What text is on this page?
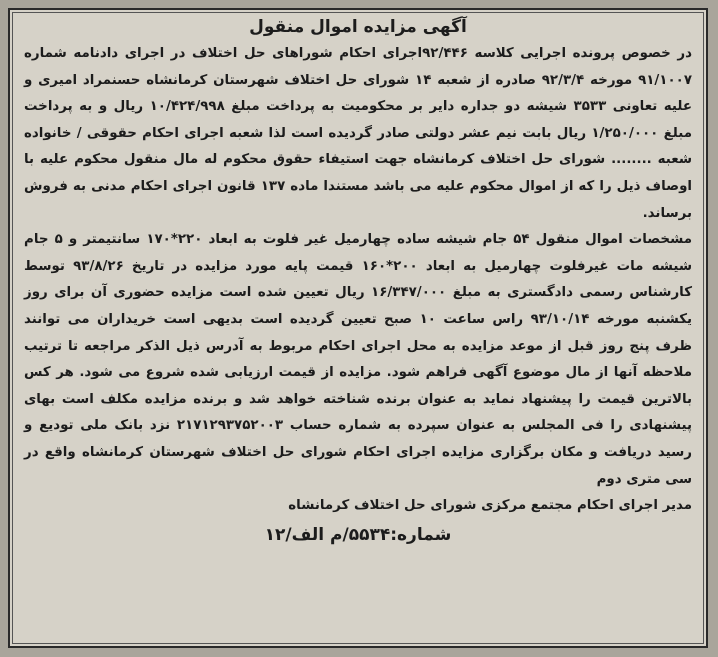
آگهی مزایده اموال منقول

در خصوص پرونده اجرایی کلاسه ۹۲/۴۴۶اجرای احکام شوراهای حل اختلاف در اجرای دادنامه شماره ۹۱/۱۰۰۷ مورخه ۹۲/۳/۴ صادره از شعبه ۱۴ شورای حل اختلاف شهرستان کرمانشاه حسنمراد امیری و علیه تعاونی ۳۵۳۳ شیشه دو جداره دایر بر محکومیت به پرداخت مبلغ ۱۰/۴۲۴/۹۹۸ ریال و به پرداخت مبلغ ۱/۲۵۰/۰۰۰ ریال بابت نیم عشر دولتی صادر گردیده است لذا شعبه اجرای احکام حقوقی / خانواده شعبه ........ شورای حل اختلاف کرمانشاه جهت استیفاء حقوق محکوم له مال منقول محکوم علیه با اوصاف ذیل را که از اموال محکوم علیه می باشد مستندا ماده ۱۳۷ قانون اجرای احکام مدنی به فروش برساند.

مشخصات اموال منقول ۵۴ جام شیشه ساده چهارمیل غیر فلوت به ابعاد ۲۲۰*۱۷۰ سانتیمتر و ۵ جام شیشه مات غیرفلوت چهارمیل به ابعاد ۲۰۰*۱۶۰ قیمت پایه مورد مزایده در تاریخ ۹۳/۸/۲۶ توسط کارشناس رسمی دادگستری به مبلغ ۱۶/۳۴۷/۰۰۰ ریال تعیین شده است مزایده حضوری آن برای روز یکشنبه مورخه ۹۳/۱۰/۱۴ راس ساعت ۱۰ صبح تعیین گردیده است بدیهی است خریداران می توانند ظرف پنج روز قبل از موعد مزایده به محل اجرای احکام مربوط به آدرس ذیل الذکر مراجعه تا ترتیب ملاحظه آنها از مال موضوع آگهی فراهم شود. مزایده از قیمت ارزیابی شده شروع می شود. هر کس بالاترین قیمت را پیشنهاد نماید به عنوان برنده شناخته خواهد شد و برنده مزایده مکلف است بهای پیشنهادی را فی المجلس به عنوان سپرده به شماره حساب ۲۱۷۱۲۹۳۷۵۲۰۰۳ نزد بانک ملی تودیع و رسید دریافت و مکان برگزاری مزایده اجرای احکام شورای حل اختلاف شهرستان کرمانشاه واقع در سی متری دوم

مدیر اجرای احکام مجتمع مرکزی شورای حل اختلاف کرمانشاه

شماره:۵۵۳۴/م الف/۱۲
